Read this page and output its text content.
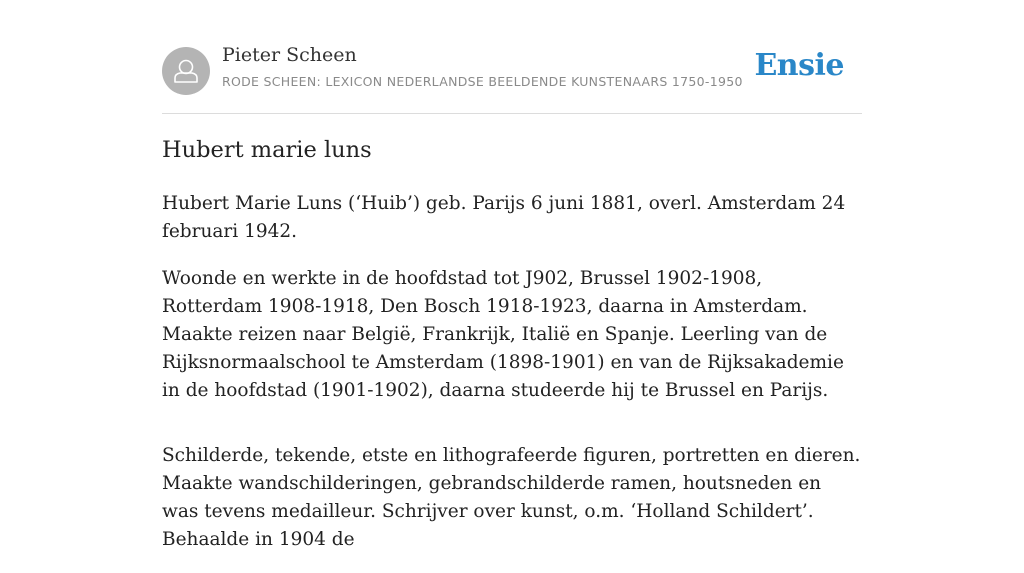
Pieter Scheen
RODE SCHEEN: LEXICON NEDERLANDSE BEELDENDE KUNSTENAARS 1750-1950 Ensie
Hubert marie luns

Hubert Marie Luns (‘Huib’) geb. Parijs 6 juni 1881, overl. Amsterdam 24 februari 1942.

Woonde en werkte in de hoofdstad tot J902, Brussel 1902-1908, Rotterdam 1908-1918, Den Bosch 1918-1923, daarna in Amsterdam. Maakte reizen naar België, Frankrijk, Italië en Spanje. Leerling van de Rijksnormaalschool te Amsterdam (1898-1901) en van de Rijksakademie in de hoofdstad (1901-1902), daarna studeerde hij te Brussel en Parijs.

Schilderde, tekende, etste en lithografeerde figuren, portretten en dieren. Maakte wandschilderingen, gebrandschilderde ramen, houtsneden en was tevens medailleur. Schrijver over kunst, o.m. ‘Holland Schildert’. Behaalde in 1904 de
